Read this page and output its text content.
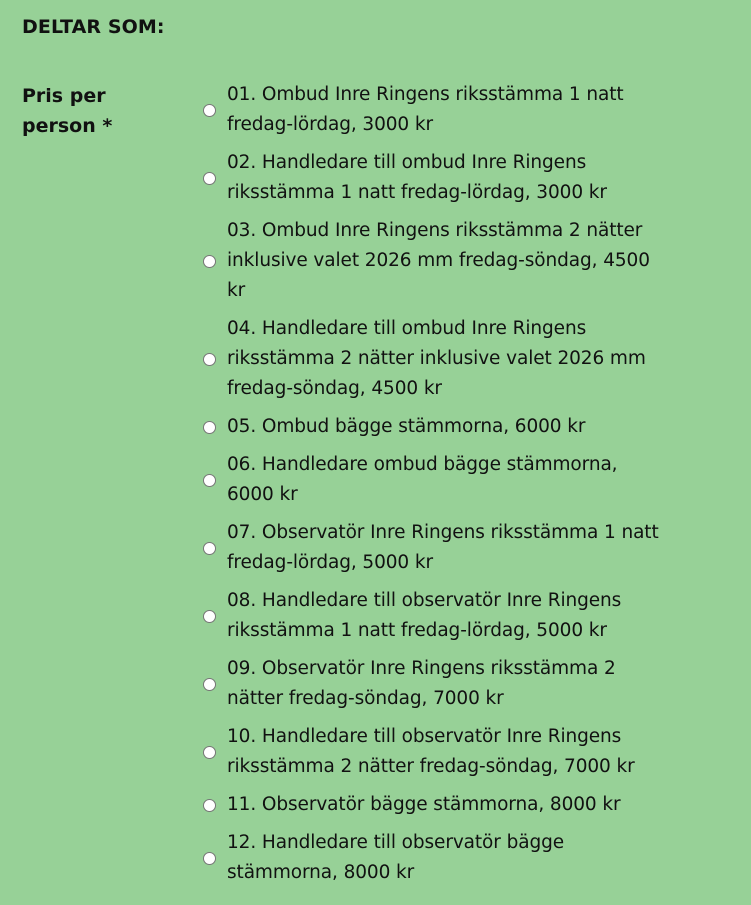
DELTAR SOM:
Pris per person *
01. Ombud Inre Ringens riksstämma 1 natt fredag-lördag, 3000 kr
02. Handledare till ombud Inre Ringens riksstämma 1 natt fredag-lördag, 3000 kr
03. Ombud Inre Ringens riksstämma 2 nätter inklusive valet 2026 mm fredag-söndag, 4500 kr
04. Handledare till ombud Inre Ringens riksstämma 2 nätter inklusive valet 2026 mm fredag-söndag, 4500 kr
05. Ombud bägge stämmorna, 6000 kr
06. Handledare ombud bägge stämmorna, 6000 kr
07. Observatör Inre Ringens riksstämma 1 natt fredag-lördag, 5000 kr
08. Handledare till observatör Inre Ringens riksstämma 1 natt fredag-lördag, 5000 kr
09. Observatör Inre Ringens riksstämma 2 nätter fredag-söndag, 7000 kr
10. Handledare till observatör Inre Ringens riksstämma 2 nätter fredag-söndag, 7000 kr
11. Observatör bägge stämmorna, 8000 kr
12. Handledare till observatör bägge stämmorna, 8000 kr
